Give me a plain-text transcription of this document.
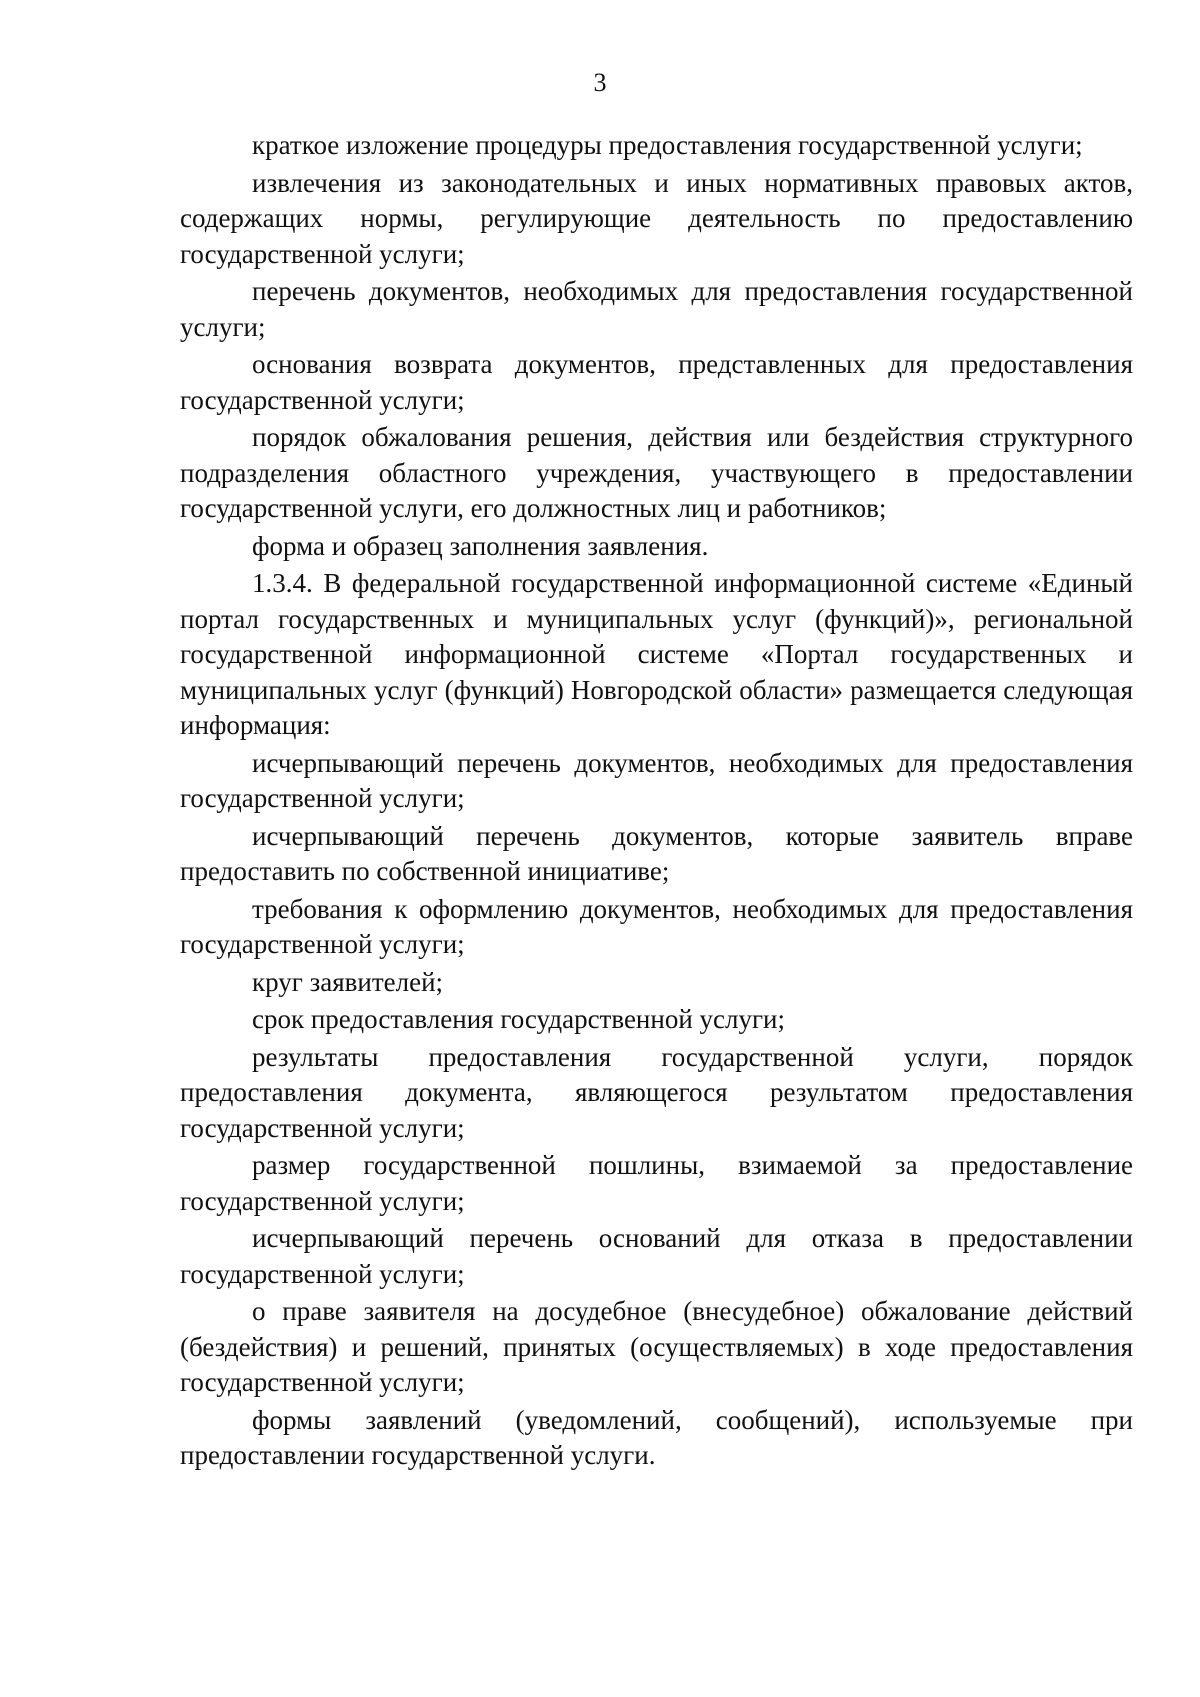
3

краткое изложение процедуры предоставления государственной услуги;

извлечения из законодательных и иных нормативных правовых актов, содержащих нормы, регулирующие деятельность по предоставлению государственной услуги;

перечень документов, необходимых для предоставления государственной услуги;

основания возврата документов, представленных для предоставления государственной услуги;

порядок обжалования решения, действия или бездействия структурного подразделения областного учреждения, участвующего в предоставлении государственной услуги, его должностных лиц и работников;

форма и образец заполнения заявления.

1.3.4. В федеральной государственной информационной системе «Единый портал государственных и муниципальных услуг (функций)», региональной государственной информационной системе «Портал государственных и муниципальных услуг (функций) Новгородской области» размещается следующая информация:

исчерпывающий перечень документов, необходимых для предоставления государственной услуги;

исчерпывающий перечень документов, которые заявитель вправе предоставить по собственной инициативе;

требования к оформлению документов, необходимых для предоставления государственной услуги;

круг заявителей;

срок предоставления государственной услуги;

результаты предоставления государственной услуги, порядок предоставления документа, являющегося результатом предоставления государственной услуги;

размер государственной пошлины, взимаемой за предоставление государственной услуги;

исчерпывающий перечень оснований для отказа в предоставлении государственной услуги;

о праве заявителя на досудебное (внесудебное) обжалование действий (бездействия) и решений, принятых (осуществляемых) в ходе предоставления государственной услуги;

формы заявлений (уведомлений, сообщений), используемые при предоставлении государственной услуги.
